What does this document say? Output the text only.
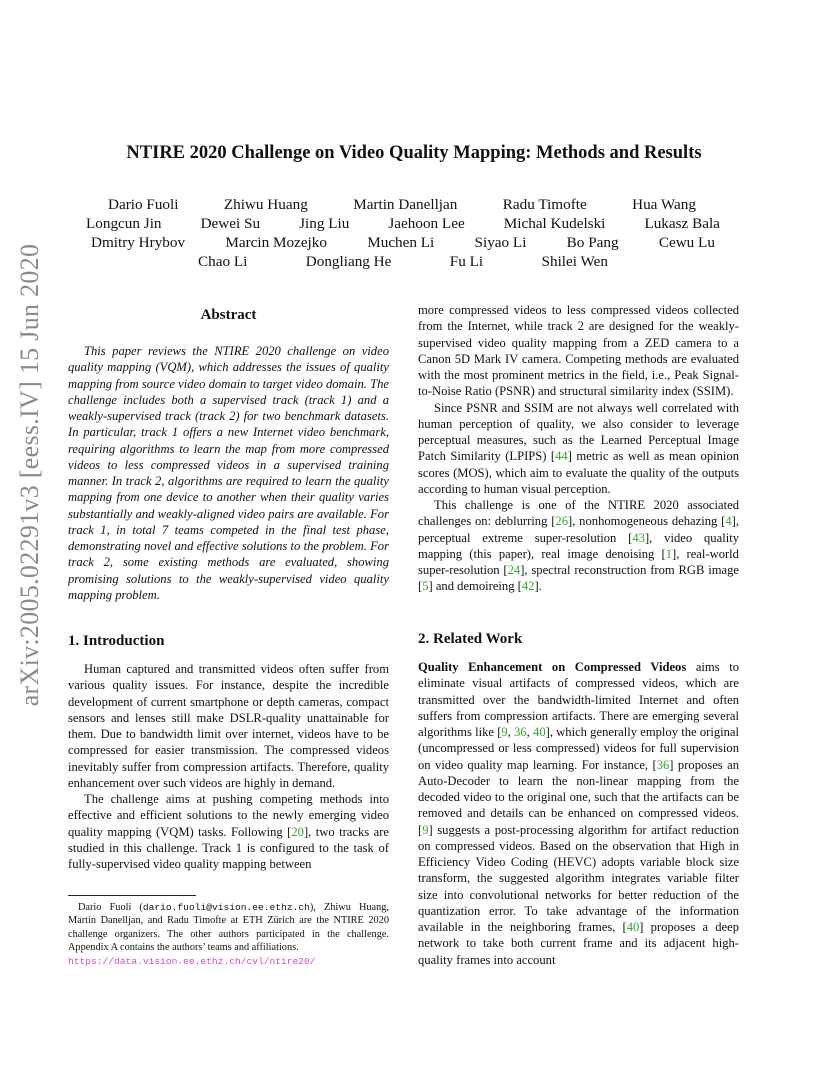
arXiv:2005.02291v3 [eess.IV] 15 Jun 2020
NTIRE 2020 Challenge on Video Quality Mapping: Methods and Results
Dario Fuoli	Zhiwu Huang	Martin Danelljan	Radu Timofte	Hua Wang
Longcun Jin	Dewei Su	Jing Liu	Jaehoon Lee	Michal Kudelski	Lukasz Bala
Dmitry Hrybov	Marcin Mozejko	Muchen Li	Siyao Li	Bo Pang	Cewu Lu
Chao Li	Dongliang He	Fu Li	Shilei Wen
Abstract

This paper reviews the NTIRE 2020 challenge on video quality mapping (VQM), which addresses the issues of quality mapping from source video domain to target video domain. The challenge includes both a supervised track (track 1) and a weakly-supervised track (track 2) for two benchmark datasets. In particular, track 1 offers a new Internet video benchmark, requiring algorithms to learn the map from more compressed videos to less compressed videos in a supervised training manner. In track 2, algorithms are required to learn the quality mapping from one device to another when their quality varies substantially and weakly-aligned video pairs are available. For track 1, in total 7 teams competed in the final test phase, demonstrating novel and effective solutions to the problem. For track 2, some existing methods are evaluated, showing promising solutions to the weakly-supervised video quality mapping problem.

1. Introduction

Human captured and transmitted videos often suffer from various quality issues. For instance, despite the incredible development of current smartphone or depth cameras, compact sensors and lenses still make DSLR-quality unattainable for them. Due to bandwidth limit over internet, videos have to be compressed for easier transmission. The compressed videos inevitably suffer from compression artifacts. Therefore, quality enhancement over such videos are highly in demand.

The challenge aims at pushing competing methods into effective and efficient solutions to the newly emerging video quality mapping (VQM) tasks. Following [20], two tracks are studied in this challenge. Track 1 is configured to the task of fully-supervised video quality mapping between

Dario Fuoli (dario.fuoli@vision.ee.ethz.ch), Zhiwu Huang, Martin Danelljan, and Radu Timofte at ETH Zürich are the NTIRE 2020 challenge organizers. The other authors participated in the challenge. Appendix A contains the authors’ teams and affiliations.

https://data.vision.ee.ethz.ch/cvl/ntire20/

more compressed videos to less compressed videos collected from the Internet, while track 2 are designed for the weakly-supervised video quality mapping from a ZED camera to a Canon 5D Mark IV camera. Competing methods are evaluated with the most prominent metrics in the field, i.e., Peak Signal-to-Noise Ratio (PSNR) and structural similarity index (SSIM).

Since PSNR and SSIM are not always well correlated with human perception of quality, we also consider to leverage perceptual measures, such as the Learned Perceptual Image Patch Similarity (LPIPS) [44] metric as well as mean opinion scores (MOS), which aim to evaluate the quality of the outputs according to human visual perception.

This challenge is one of the NTIRE 2020 associated challenges on: deblurring [26], nonhomogeneous dehazing [4], perceptual extreme super-resolution [43], video quality mapping (this paper), real image denoising [1], real-world super-resolution [24], spectral reconstruction from RGB image [5] and demoireing [42].

2. Related Work

Quality Enhancement on Compressed Videos aims to eliminate visual artifacts of compressed videos, which are transmitted over the bandwidth-limited Internet and often suffers from compression artifacts. There are emerging several algorithms like [9, 36, 40], which generally employ the original (uncompressed or less compressed) videos for full supervision on video quality map learning. For instance, [36] proposes an Auto-Decoder to learn the non-linear mapping from the decoded video to the original one, such that the artifacts can be removed and details can be enhanced on compressed videos. [9] suggests a post-processing algorithm for artifact reduction on compressed videos. Based on the observation that High in Efficiency Video Coding (HEVC) adopts variable block size transform, the suggested algorithm integrates variable filter size into convolutional networks for better reduction of the quantization error. To take advantage of the information available in the neighboring frames, [40] proposes a deep network to take both current frame and its adjacent high-quality frames into account
